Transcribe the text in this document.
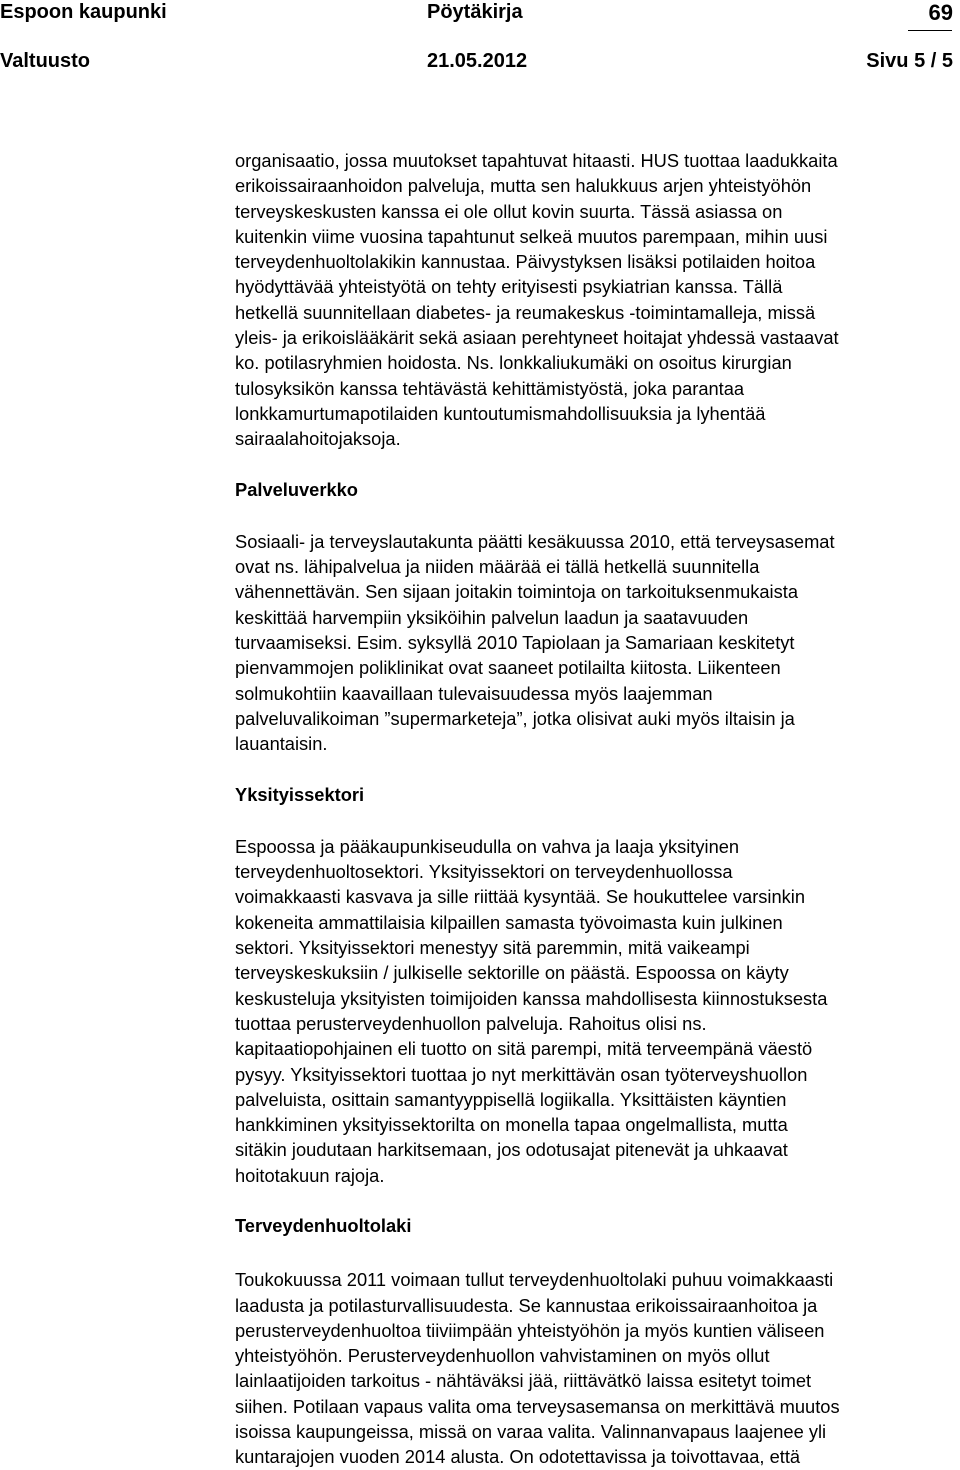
Espoon kaupunki	Pöytäkirja	69
Valtuusto	21.05.2012	Sivu 5 / 5

organisaatio, jossa muutokset tapahtuvat hitaasti. HUS tuottaa laadukkaita
erikoissairaanhoidon palveluja, mutta sen halukkuus arjen yhteistyöhön
terveyskeskusten kanssa ei ole ollut kovin suurta. Tässä asiassa on
kuitenkin viime vuosina tapahtunut selkeä muutos parempaan, mihin uusi
terveydenhuoltolakikin kannustaa. Päivystyksen lisäksi potilaiden hoitoa
hyödyttävää yhteistyötä on tehty erityisesti psykiatrian kanssa. Tällä
hetkellä suunnitellaan diabetes- ja reumakeskus -toimintamalleja, missä
yleis- ja erikoislääkärit sekä asiaan perehtyneet hoitajat yhdessä vastaavat
ko. potilasryhmien hoidosta. Ns. lonkkaliukumäki on osoitus kirurgian
tulosyksikön kanssa tehtävästä kehittämistyöstä, joka parantaa
lonkkamurtumapotilaiden kuntoutumismahdollisuuksia ja lyhentää
sairaalahoitojaksoja.

Palveluverkko

Sosiaali- ja terveyslautakunta päätti kesäkuussa 2010, että terveysasemat
ovat ns. lähipalvelua ja niiden määrää ei tällä hetkellä suunnitella
vähennettävän. Sen sijaan joitakin toimintoja on tarkoituksenmukaista
keskittää harvempiin yksiköihin palvelun laadun ja saatavuuden
turvaamiseksi. Esim. syksyllä 2010 Tapiolaan ja Samariaan keskitetyt
pienvammojen poliklinikat ovat saaneet potilailta kiitosta. Liikenteen
solmukohtiin kaavaillaan tulevaisuudessa myös laajemman
palveluvalikoiman ”supermarketeja”, jotka olisivat auki myös iltaisin ja
lauantaisin.

Yksityissektori

Espoossa ja pääkaupunkiseudulla on vahva ja laaja yksityinen
terveydenhuoltosektori. Yksityissektori on terveydenhuollossa
voimakkaasti kasvava ja sille riittää kysyntää. Se houkuttelee varsinkin
kokeneita ammattilaisia kilpaillen samasta työvoimasta kuin julkinen
sektori. Yksityissektori menestyy sitä paremmin, mitä vaikeampi
terveyskeskuksiin / julkiselle sektorille on päästä. Espoossa on käyty
keskusteluja yksityisten toimijoiden kanssa mahdollisesta kiinnostuksesta
tuottaa perusterveydenhuollon palveluja. Rahoitus olisi ns.
kapitaatiopohjainen eli tuotto on sitä parempi, mitä terveempänä väestö
pysyy. Yksityissektori tuottaa jo nyt merkittävän osan työterveyshuollon
palveluista, osittain samantyyppisellä logiikalla. Yksittäisten käyntien
hankkiminen yksityissektorilta on monella tapaa ongelmallista, mutta
sitäkin joudutaan harkitsemaan, jos odotusajat pitenevät ja uhkaavat
hoitotakuun rajoja.

Terveydenhuoltolaki

Toukokuussa 2011 voimaan tullut terveydenhuoltolaki puhuu voimakkaasti
laadusta ja potilasturvallisuudesta. Se kannustaa erikoissairaanhoitoa ja
perusterveydenhuoltoa tiiviimpään yhteistyöhön ja myös kuntien väliseen
yhteistyöhön. Perusterveydenhuollon vahvistaminen on myös ollut
lainlaatijoiden tarkoitus - nähtäväksi jää, riittävätkö laissa esitetyt toimet
siihen. Potilaan vapaus valita oma terveysasemansa on merkittävä muutos
isoissa kaupungeissa, missä on varaa valita. Valinnanvapaus laajenee yli
kuntarajojen vuoden 2014 alusta. On odotettavissa ja toivottavaa, että
